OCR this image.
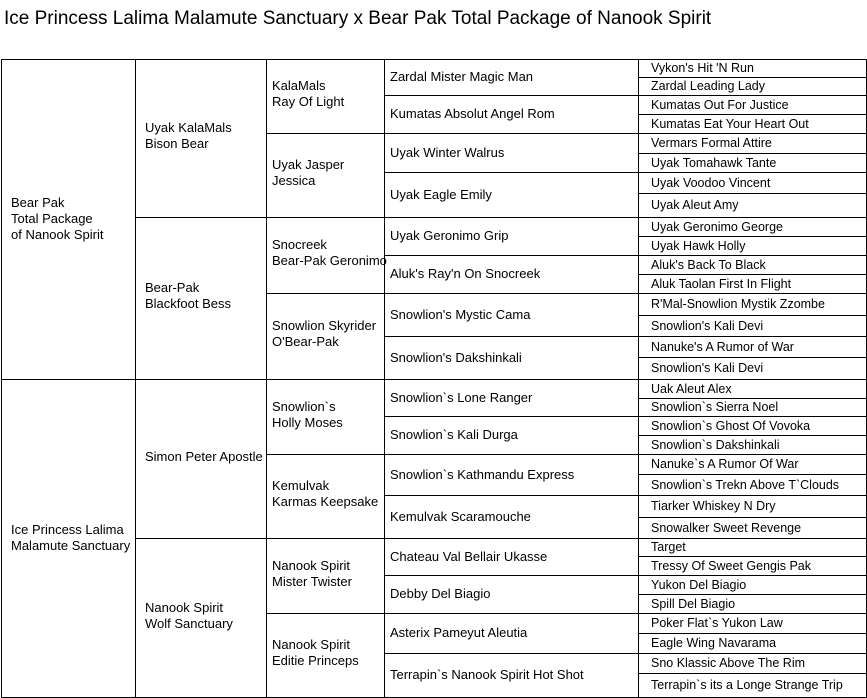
Ice Princess Lalima Malamute Sanctuary x Bear Pak Total Package of Nanook Spirit
Bear Pak
Total Package
of Nanook Spirit
Ice Princess Lalima
Malamute Sanctuary
Uyak KalaMals
Bison Bear
Bear-Pak
Blackfoot Bess
Simon Peter Apostle
Nanook Spirit
Wolf Sanctuary
KalaMals
Ray Of Light
Uyak Jasper
Jessica
Snocreek
Bear-Pak Geronimo
Snowlion Skyrider
O'Bear-Pak
Snowlion`s
Holly Moses
Kemulvak
Karmas Keepsake
Nanook Spirit
Mister Twister
Nanook Spirit
Editie Princeps
Zardal Mister Magic Man
Kumatas Absolut Angel Rom
Uyak Winter Walrus
Uyak Eagle Emily
Uyak Geronimo Grip
Aluk's Ray'n On Snocreek
Snowlion's Mystic Cama
Snowlion's Dakshinkali
Snowlion`s Lone Ranger
Snowlion`s Kali Durga
Snowlion`s Kathmandu Express
Kemulvak Scaramouche
Chateau Val Bellair Ukasse
Debby Del Biagio
Asterix Pameyut Aleutia
Terrapin`s Nanook Spirit Hot Shot
Vykon's Hit 'N Run
Zardal Leading Lady
Kumatas Out For Justice
Kumatas Eat Your Heart Out
Vermars Formal Attire
Uyak Tomahawk Tante
Uyak Voodoo Vincent
Uyak Aleut Amy
Uyak Geronimo George
Uyak Hawk Holly
Aluk's Back To Black
Aluk Taolan First In Flight
R'Mal-Snowlion Mystik Zzombe
Snowlion's Kali Devi
Nanuke's A Rumor of War
Snowlion's Kali Devi
Uak Aleut Alex
Snowlion`s Sierra Noel
Snowlion`s Ghost Of Vovoka
Snowlion`s Dakshinkali
Nanuke`s A Rumor Of War
Snowlion`s Trekn Above T`Clouds
Tiarker Whiskey N Dry
Snowalker Sweet Revenge
Target
Tressy Of Sweet Gengis Pak
Yukon Del Biagio
Spill Del Biagio
Poker Flat`s Yukon Law
Eagle Wing Navarama
Sno Klassic Above The Rim
Terrapin`s its a Longe Strange Trip
